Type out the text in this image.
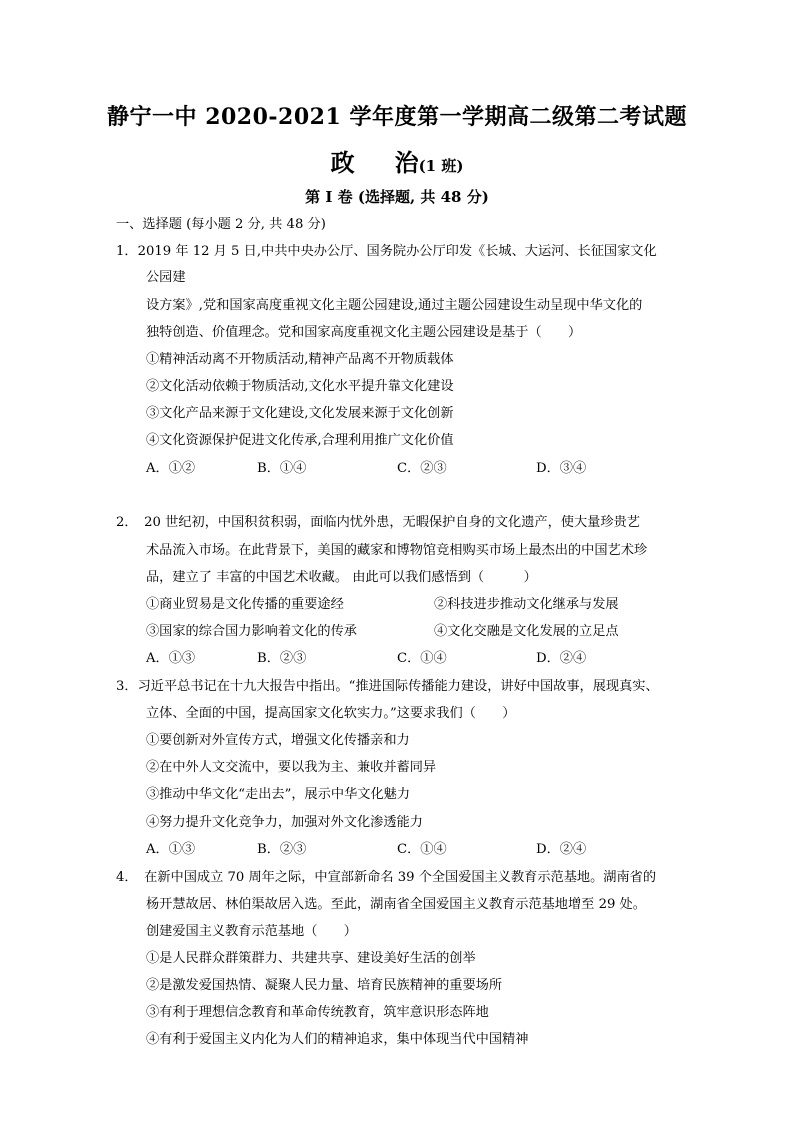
静宁一中 2020-2021 学年度第一学期高二级第二考试题
政 治(1 班)
第 I 卷 (选择题, 共 48 分)
一、选择题 (每小题 2 分, 共 48 分)
1．2019 年 12 月 5 日,中共中央办公厅、国务院办公厅印发《长城、大运河、长征国家文化
公园建
设方案》,党和国家高度重视文化主题公园建设,通过主题公园建设生动呈现中华文化的
独特创造、价值理念。党和国家高度重视文化主题公园建设是基于（　　）
①精神活动离不开物质活动,精神产品离不开物质载体
②文化活动依赖于物质活动,文化水平提升靠文化建设
③文化产品来源于文化建设,文化发展来源于文化创新
④文化资源保护促进文化传承,合理利用推广文化价值
A．①②	B．①④	C．②③	D．③④
2．　20 世纪初，中国积贫积弱，面临内忧外患，无暇保护自身的文化遗产，使大量珍贵艺
术品流入市场。在此背景下，美国的藏家和博物馆竞相购买市场上最杰出的中国艺术珍
品，建立了 丰富的中国艺术收藏。 由此可以我们感悟到（　　　）
①商业贸易是文化传播的重要途经	②科技进步推动文化继承与发展
③国家的综合国力影响着文化的传承	④文化交融是文化发展的立足点
A．①③	B．②③	C．①④	D．②④
3．习近平总书记在十九大报告中指出。“推进国际传播能力建设，讲好中国故事，展现真实、
立体、全面的中国，提高国家文化软实力。”这要求我们（　　）
①要创新对外宣传方式，增强文化传播亲和力
②在中外人文交流中，要以我为主、兼收并蓄同异
③推动中华文化“走出去”，展示中华文化魅力
④努力提升文化竞争力，加强对外文化渗透能力
A．①③	B．②③	C．①④	D．②④
4．　在新中国成立 70 周年之际，中宣部新命名 39 个全国爱国主义教育示范基地。湖南省的
杨开慧故居、林伯渠故居入选。至此，湖南省全国爱国主义教育示范基地增至 29 处。
创建爱国主义教育示范基地（　　）
①是人民群众群策群力、共建共享、建设美好生活的创举
②是激发爱国热情、凝聚人民力量、培育民族精神的重要场所
③有利于理想信念教育和革命传统教育，筑牢意识形态阵地
④有利于爱国主义内化为人们的精神追求，集中体现当代中国精神
